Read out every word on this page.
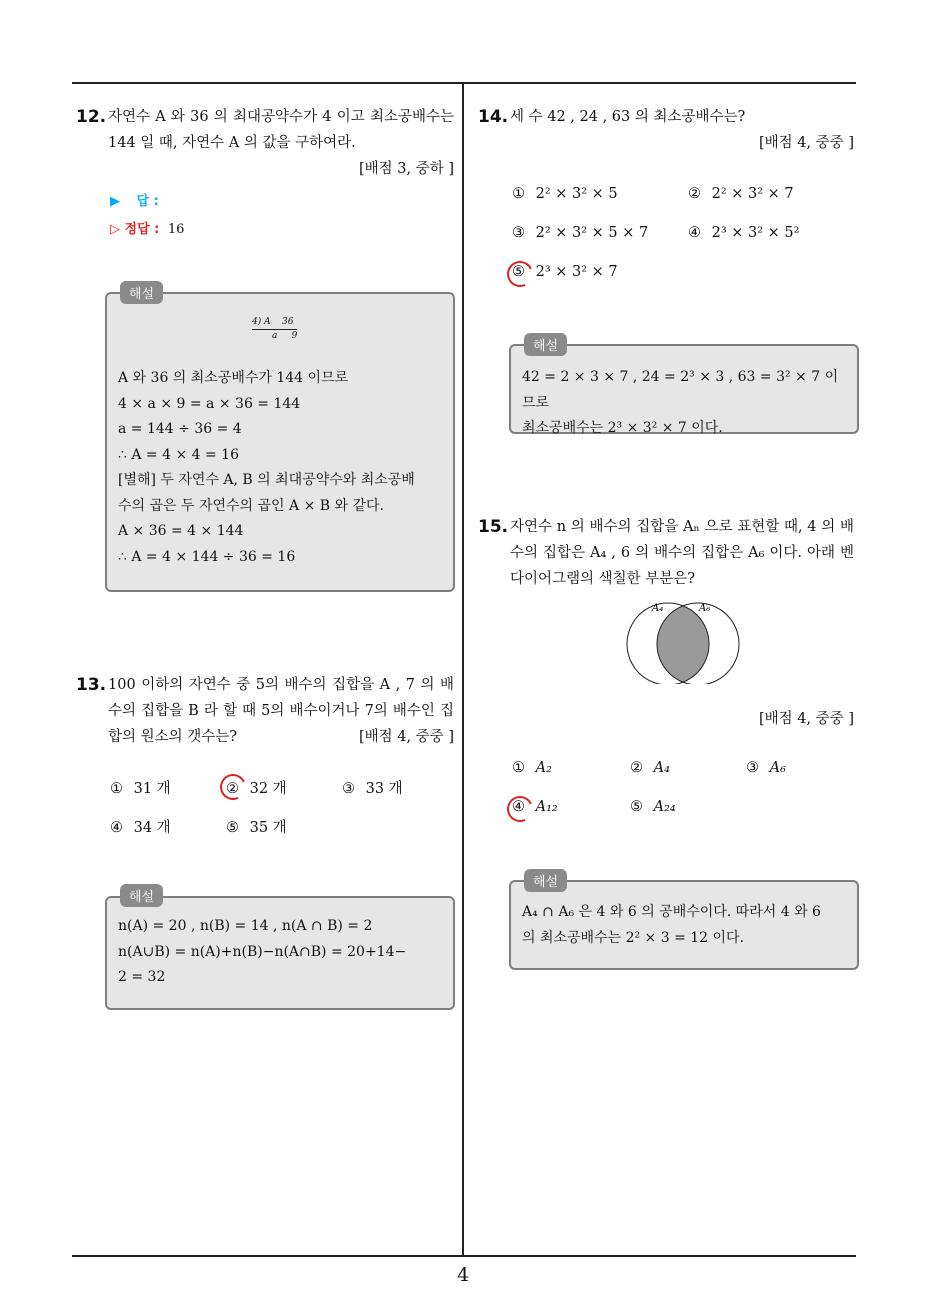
4
12. 자연수 A 와 36 의 최대공약수가 4 이고 최소공배수는 144 일 때, 자연수 A 의 값을 구하여라.
[배점 3, 중하 ]
▶ 답 :
▷ 정답 : 16
해설
4) A    36
a     9
A 와 36 의 최소공배수가 144 이므로
4 × a × 9 = a × 36 = 144
a = 144 ÷ 36 = 4
∴ A = 4 × 4 = 16
[별해] 두 자연수 A, B 의 최대공약수와 최소공배
수의 곱은 두 자연수의 곱인 A × B 와 같다.
A × 36 = 4 × 144
∴ A = 4 × 144 ÷ 36 = 16
13. 100 이하의 자연수 중 5의 배수의 집합을 A , 7 의 배수의 집합을 B 라 할 때 5의 배수이거나 7의 배수인 집합의 원소의 갯수는?	[배점 4, 중중 ]
① 31 개	② 32 개	③ 33 개
④ 34 개	⑤ 35 개
해설
n(A) = 20 , n(B) = 14 , n(A ∩ B) = 2
n(A∪B) = n(A)+n(B)−n(A∩B) = 20+14−
2 = 32
14. 세 수 42 , 24 , 63 의 최소공배수는?
[배점 4, 중중 ]
① 2² × 3² × 5	② 2² × 3² × 7
③ 2² × 3² × 5 × 7	④ 2³ × 3² × 5²
⑤ 2³ × 3² × 7
해설
42 = 2 × 3 × 7 , 24 = 2³ × 3 , 63 = 3² × 7 이므로
최소공배수는 2³ × 3² × 7 이다.
15. 자연수 n 의 배수의 집합을 Aₙ 으로 표현할 때, 4 의 배수의 집합은 A₄ , 6 의 배수의 집합은 A₆ 이다. 아래 벤 다이어그램의 색칠한 부분은?
A₄	A₆
[배점 4, 중중 ]
① A₂	② A₄	③ A₆
④ A₁₂	⑤ A₂₄
해설
A₄ ∩ A₆ 은 4 와 6 의 공배수이다. 따라서 4 와 6
의 최소공배수는 2² × 3 = 12 이다.
